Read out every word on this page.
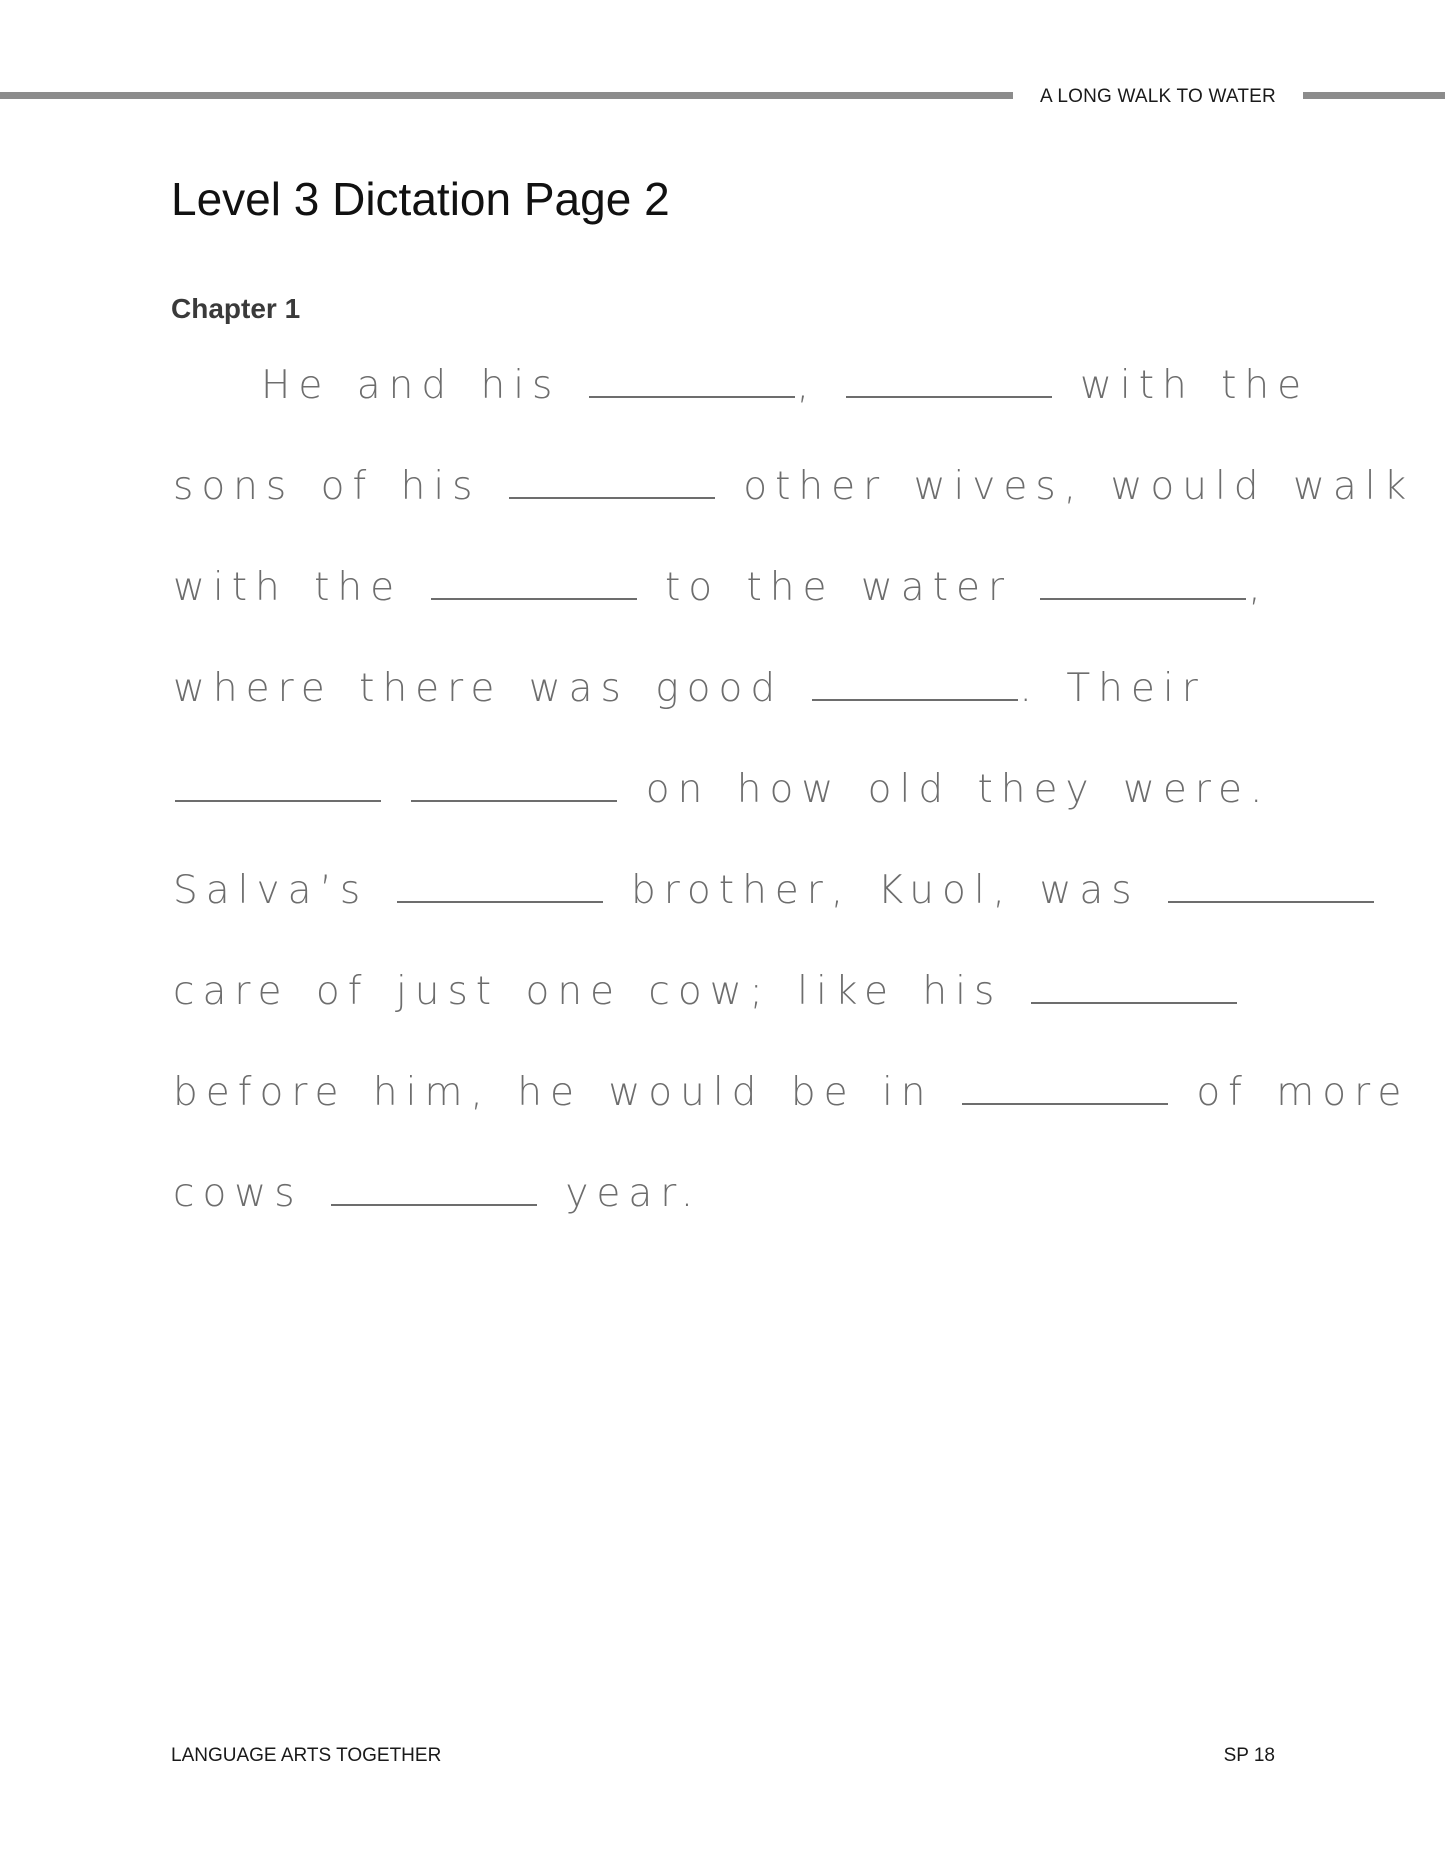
A LONG WALK TO WATER
Level 3 Dictation Page 2
Chapter 1
He and his	,	with the
sons of his	other wives, would walk
with the	to the water	,
where there was good	. Their
on how old they were.
Salva’s	brother, Kuol, was
care of just one cow; like his
before him, he would be in	of more
cows	year.
LANGUAGE ARTS TOGETHER	SP 18
